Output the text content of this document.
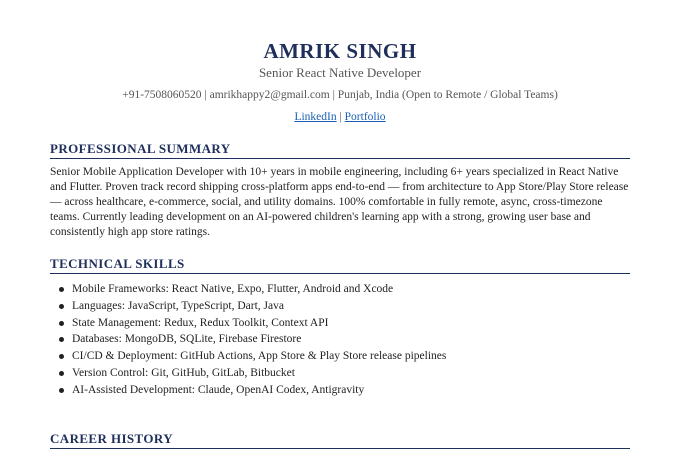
AMRIK SINGH
Senior React Native Developer
+91-7508060520 | amrikhappy2@gmail.com | Punjab, India (Open to Remote / Global Teams)
LinkedIn | Portfolio
PROFESSIONAL SUMMARY
Senior Mobile Application Developer with 10+ years in mobile engineering, including 6+ years specialized in React Native and Flutter. Proven track record shipping cross-platform apps end-to-end — from architecture to App Store/Play Store release — across healthcare, e-commerce, social, and utility domains. 100% comfortable in fully remote, async, cross-timezone teams. Currently leading development on an AI-powered children's learning app with a strong, growing user base and consistently high app store ratings.
TECHNICAL SKILLS
Mobile Frameworks: React Native, Expo, Flutter, Android and Xcode
Languages: JavaScript, TypeScript, Dart, Java
State Management: Redux, Redux Toolkit, Context API
Databases: MongoDB, SQLite, Firebase Firestore
CI/CD & Deployment: GitHub Actions, App Store & Play Store release pipelines
Version Control: Git, GitHub, GitLab, Bitbucket
AI-Assisted Development: Claude, OpenAI Codex, Antigravity
CAREER HISTORY
